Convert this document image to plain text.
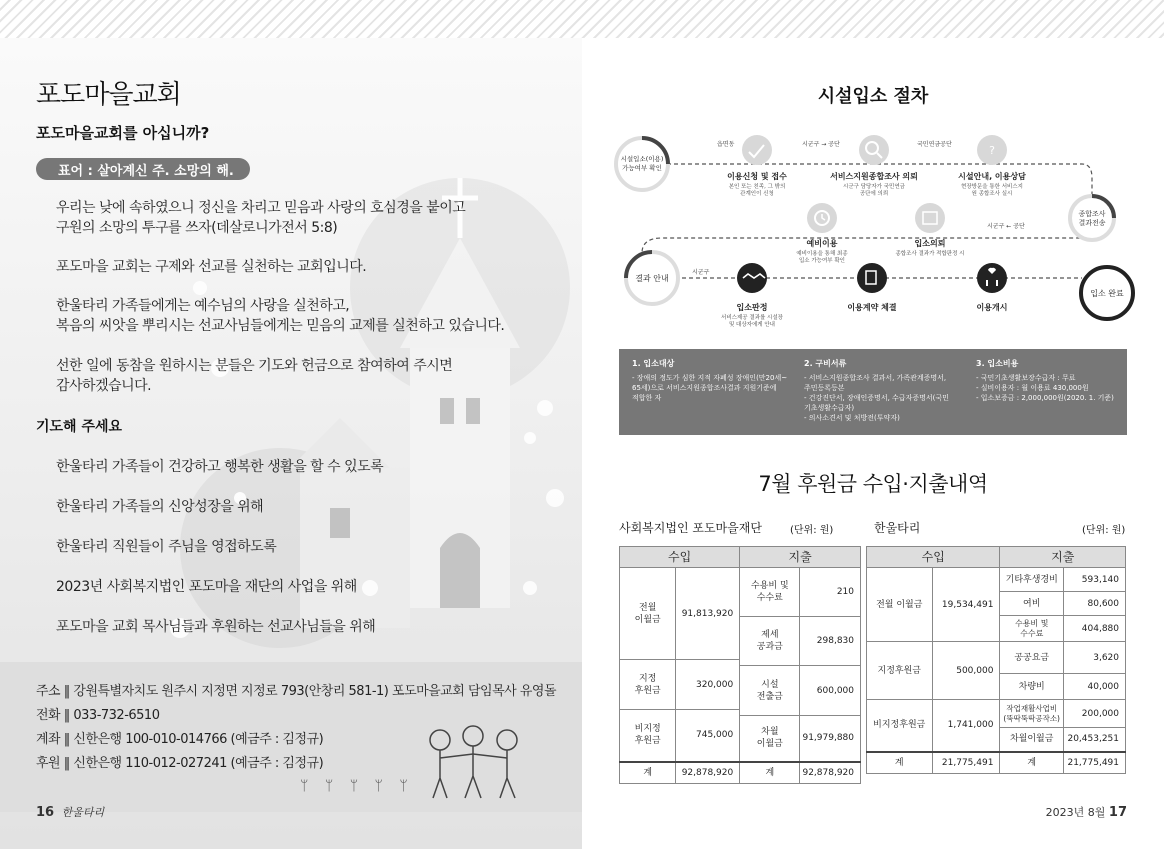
포도마을교회
포도마을교회를 아십니까?
표어 : 살아계신 주. 소망의 해.
우리는 낮에 속하였으니 정신을 차리고 믿음과 사랑의 호심경을 붙이고
구원의 소망의 투구를 쓰자(데살로니가전서 5:8)
포도마을 교회는 구제와 선교를 실천하는 교회입니다.
한울타리 가족들에게는 예수님의 사랑을 실천하고,
복음의 씨앗을 뿌리시는 선교사님들에게는 믿음의 교제를 실천하고 있습니다.
선한 일에 동참을 원하시는 분들은 기도와 헌금으로 참여하여 주시면
감사하겠습니다.
기도해 주세요
한울타리 가족들이 건강하고 행복한 생활을 할 수 있도록
한울타리 가족들의 신앙성장을 위해
한울타리 직원들이 주님을 영접하도록
2023년 사회복지법인 포도마을 재단의 사업을 위해
포도마을 교회 목사님들과 후원하는 선교사님들을 위해
주소 ‖ 강원특별자치도 원주시 지정면 지정로 793(안창리 581-1) 포도마을교회 담임목사 유영돌
전화 ‖ 033-732-6510
계좌 ‖ 신한은행 100-010-014766 (예금주 : 김정규)
후원 ‖ 신한은행 110-012-027241 (예금주 : 김정규)
ᛘ ᛘ ᛘ ᛘ ᛘ
16 한울타리
시설입소 절차
시설입소(이용)
가능여부 확인
읍면동
이용신청 및 접수
본인 또는 친족, 그 밖의
관계인이 신청
시군구 → 공단
서비스지원종합조사 의뢰
시군구 담당자가 국민연금
공단에 의뢰
?
국민연금공단
시설안내, 이용상담
현장방문을 통한 서비스지
원 종합조사 실시
종합조사
결과전송
시군구 ← 공단
예비이용
예비이용을 통해 최종
입소 가능여부 확인
입소의뢰
종합조사 결과가 적합판정 시
결과 안내
시군구
입소판정
서비스제공 결과를 시설장
및 대상자에게 안내
이용계약 체결	이용개시
입소 완료
1. 입소대상
- 장애의 정도가 심한 지적 자폐성 장애인(만20세~
65세)으로 서비스지원종합조사결과 지원기준에
적합한 자
2. 구비서류
- 서비스지원종합조사 결과서, 가족관계증명서,
주민등록등본
- 건강진단서, 장애인증명서, 수급자증명서(국민
기초생활수급자)
- 의사소견서 및 처방전(투약자)
3. 입소비용
- 국민기초생활보장수급자 : 무료
- 실비이용자 : 월 이용료 430,000원
- 입소보증금 : 2,000,000원(2020. 1. 기준)
7월 후원금 수입·지출내역
사회복지법인 포도마을재단	(단위: 원)	한울타리	(단위: 원)
수입		지출	
전월
이월금	91,813,920	수용비 및
수수료	210
		제세
공과금	298,830
지정
후원금	320,000		
		시설
전출금	600,000
비지정
후원금	745,000		
		차월
이월금	91,979,880
계	92,878,920	계	92,878,920
수입		지출	
전월 이월금	19,534,491	기타후생경비	593,140
		여비	80,600
		수용비 및
수수료	404,880
지정후원금	500,000	공공요금	3,620
		차량비	40,000
비지정후원금	1,741,000	작업재활사업비
(뚝딱뚝딱공작소)	200,000
		차월이월금	20,453,251
계	21,775,491	계	21,775,491
2023년 8월 17
